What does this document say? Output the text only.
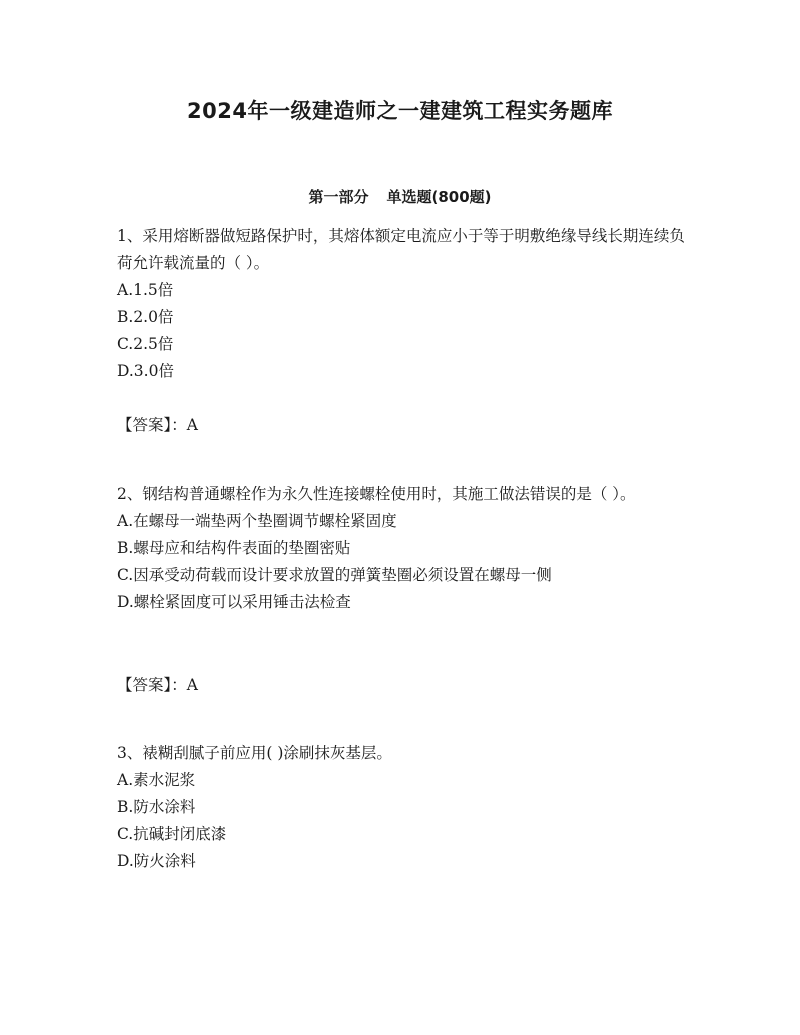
2024年一级建造师之一建建筑工程实务题库
第一部分 单选题(800题)

1、采用熔断器做短路保护时，其熔体额定电流应小于等于明敷绝缘导线长期连续负荷允许载流量的（ ）。

A.1.5倍

B.2.0倍

C.2.5倍

D.3.0倍

【答案】：A

2、钢结构普通螺栓作为永久性连接螺栓使用时，其施工做法错误的是（ ）。

A.在螺母一端垫两个垫圈调节螺栓紧固度

B.螺母应和结构件表面的垫圈密贴

C.因承受动荷载而设计要求放置的弹簧垫圈必须设置在螺母一侧

D.螺栓紧固度可以采用锤击法检查

【答案】：A

3、裱糊刮腻子前应用( )涂刷抹灰基层。

A.素水泥浆

B.防水涂料

C.抗碱封闭底漆

D.防火涂料
